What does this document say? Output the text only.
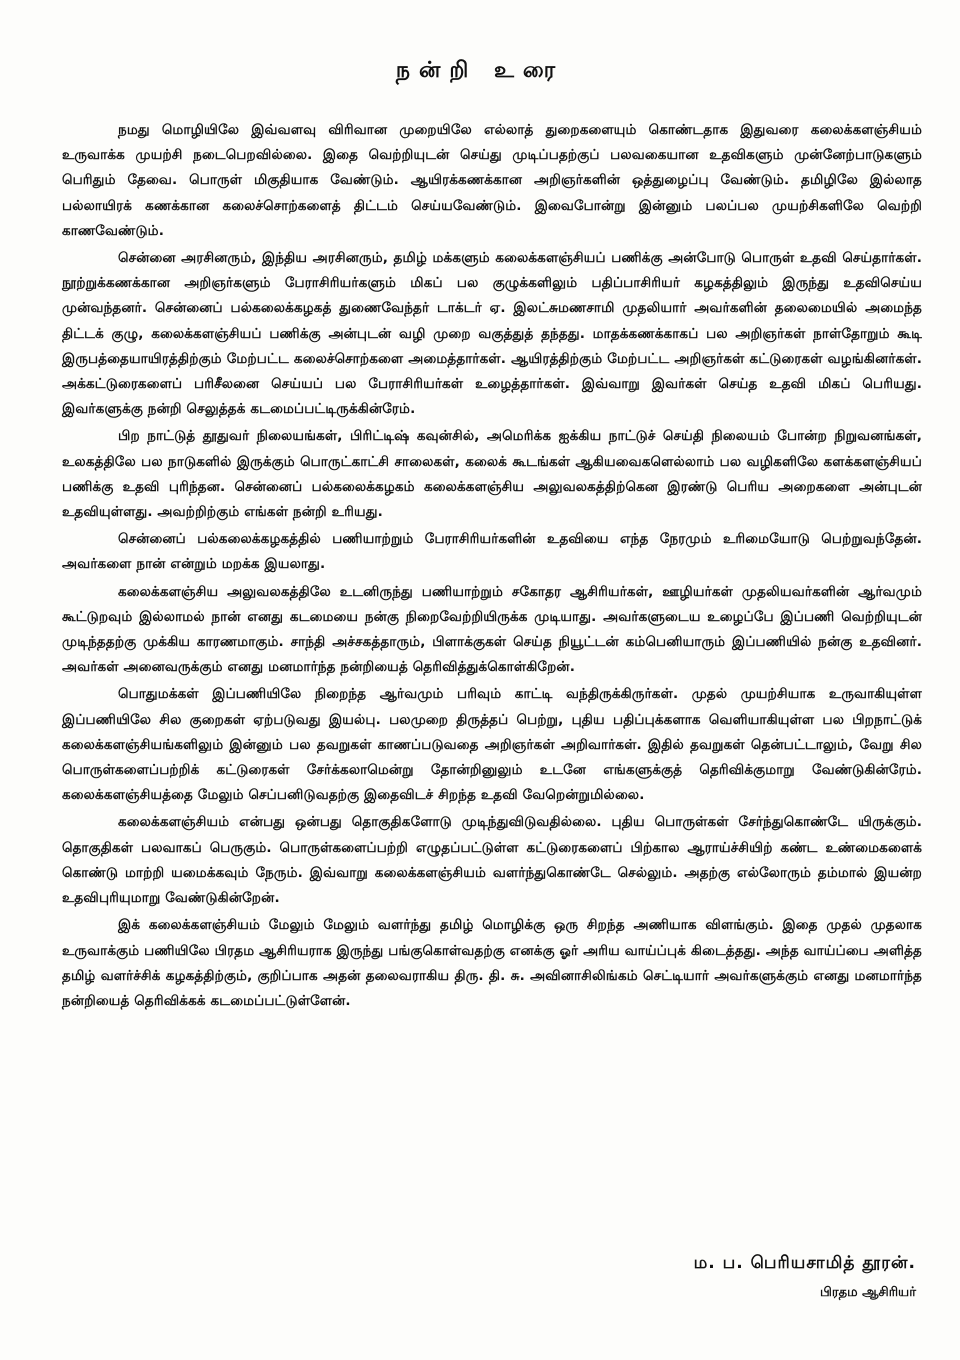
நன்றி உரை

நமது மொழியிலே இவ்வளவு விரிவான முறையிலே எல்லாத் துறைகளையும் கொண்டதாக இதுவரை கலைக்களஞ்சியம் உருவாக்க முயற்சி நடைபெறவில்லை. இதை வெற்றியுடன் செய்து முடிப்பதற்குப் பலவகையான உதவிகளும் முன்னேற்பாடுகளும் பெரிதும் தேவை. பொருள் மிகுதியாக வேண்டும். ஆயிரக்கணக்கான அறிஞர்களின் ஒத்துழைப்பு வேண்டும். தமிழிலே இல்லாத பல்லாயிரக் கணக்கான கலைச்சொற்களைத் திட்டம் செய்யவேண்டும். இவைபோன்று இன்னும் பலப்பல முயற்சிகளிலே வெற்றி காணவேண்டும்.

சென்னை அரசினரும், இந்திய அரசினரும், தமிழ் மக்களும் கலைக்களஞ்சியப் பணிக்கு அன்போடு பொருள் உதவி செய்தார்கள். நூற்றுக்கணக்கான அறிஞர்களும் பேராசிரியர்களும் மிகப் பல குழுக்களிலும் பதிப்பாசிரியர் கழகத்திலும் இருந்து உதவிசெய்ய முன்வந்தனர். சென்னைப் பல்கலைக்கழகத் துணைவேந்தர் டாக்டர் ஏ. இலட்சுமணசாமி முதலியார் அவர்களின் தலைமையில் அமைந்த திட்டக் குழு, கலைக்களஞ்சியப் பணிக்கு அன்புடன் வழி முறை வகுத்துத் தந்தது. மாதக்கணக்காகப் பல அறிஞர்கள் நாள்தோறும் கூடி இருபத்தையாயிரத்திற்கும் மேற்பட்ட கலைச்சொற்களை அமைத்தார்கள். ஆயிரத்திற்கும் மேற்பட்ட அறிஞர்கள் கட்டுரைகள் வழங்கினர்கள். அக்கட்டுரைகளைப் பரிசீலனை செய்யப் பல பேராசிரியர்கள் உழைத்தார்கள். இவ்வாறு இவர்கள் செய்த உதவி மிகப் பெரியது. இவர்களுக்கு நன்றி செலுத்தக் கடமைப்பட்டிருக்கின்ரேம்.

பிற நாட்டுத் தூதுவர் நிலையங்கள், பிரிட்டிஷ் கவுன்சில், அமெரிக்க ஐக்கிய நாட்டுச் செய்தி நிலையம் போன்ற நிறுவனங்கள், உலகத்திலே பல நாடுகளில் இருக்கும் பொருட்காட்சி சாலைகள், கலைக் கூடங்கள் ஆகியவைகளெல்லாம் பல வழிகளிலே களக்களஞ்சியப் பணிக்கு உதவி புரிந்தன. சென்னைப் பல்கலைக்கழகம் கலைக்களஞ்சிய அலுவலகத்திற்கென இரண்டு பெரிய அறைகளை அன்புடன் உதவியுள்ளது. அவற்றிற்கும் எங்கள் நன்றி உரியது.

சென்னைப் பல்கலைக்கழகத்தில் பணியாற்றும் பேராசிரியர்களின் உதவியை எந்த நேரமும் உரிமையோடு பெற்றுவந்தேன். அவர்களை நான் என்றும் மறக்க இயலாது.

கலைக்களஞ்சிய அலுவலகத்திலே உடனிருந்து பணியாற்றும் சகோதர ஆசிரியர்கள், ஊழியர்கள் முதலியவர்களின் ஆர்வமும் கூட்டுறவும் இல்லாமல் நான் எனது கடமையை நன்கு நிறைவேற்றியிருக்க முடியாது. அவர்களுடைய உழைப்பே இப்பணி வெற்றியுடன் முடிந்ததற்கு முக்கிய காரணமாகும். சாந்தி அச்சகத்தாரும், பிளாக்குகள் செய்த நியூட்டன் கம்பெனியாரும் இப்பணியில் நன்கு உதவினர். அவர்கள் அனைவருக்கும் எனது மனமார்ந்த நன்றியைத் தெரிவித்துக்கொள்கிறேன்.

பொதுமக்கள் இப்பணியிலே நிறைந்த ஆர்வமும் பரிவும் காட்டி வந்திருக்கிருர்கள். முதல் முயற்சியாக உருவாகியுள்ள இப்பணியிலே சில குறைகள் ஏற்படுவது இயல்பு. பலமுறை திருத்தப் பெற்று, புதிய பதிப்புக்களாக வெளியாகியுள்ள பல பிறநாட்டுக் கலைக்களஞ்சியங்களிலும் இன்னும் பல தவறுகள் காணப்படுவதை அறிஞர்கள் அறிவார்கள். இதில் தவறுகள் தென்பட்டாலும், வேறு சில பொருள்களைப்பற்றிக் கட்டுரைகள் சேர்க்கலாமென்று தோன்றினுலும் உடனே எங்களுக்குத் தெரிவிக்குமாறு வேண்டுகின்ரேம். கலைக்களஞ்சியத்தை மேலும் செப்பனிடுவதற்கு இதைவிடச் சிறந்த உதவி வேறென்றுமில்லை.

கலைக்களஞ்சியம் என்பது ஒன்பது தொகுதிகளோடு முடிந்துவிடுவதில்லை. புதிய பொருள்கள் சேர்ந்துகொண்டே யிருக்கும். தொகுதிகள் பலவாகப் பெருகும். பொருள்களைப்பற்றி எழுதப்பட்டுள்ள கட்டுரைகளைப் பிற்கால ஆராய்ச்சியிற் கண்ட உண்மைகளைக் கொண்டு மாற்றி யமைக்கவும் நேரும். இவ்வாறு கலைக்களஞ்சியம் வளர்ந்துகொண்டே செல்லும். அதற்கு எல்லோரும் தம்மால் இயன்ற உதவிபுரியுமாறு வேண்டுகின்றேன்.

இக் கலைக்களஞ்சியம் மேலும் மேலும் வளர்ந்து தமிழ் மொழிக்கு ஒரு சிறந்த அணியாக விளங்கும். இதை முதல் முதலாக உருவாக்கும் பணியிலே பிரதம ஆசிரியராக இருந்து பங்குகொள்வதற்கு எனக்கு ஓர் அரிய வாய்ப்புக் கிடைத்தது. அந்த வாய்ப்பை அளித்த தமிழ் வளர்ச்சிக் கழகத்திற்கும், குறிப்பாக அதன் தலைவராகிய திரு. தி. சு. அவினாசிலிங்கம் செட்டியார் அவர்களுக்கும் எனது மனமார்ந்த நன்றியைத் தெரிவிக்கக் கடமைப்பட்டுள்ளேன்.

ம. ப. பெரியசாமித் தூரன்.
பிரதம ஆசிரியர்
